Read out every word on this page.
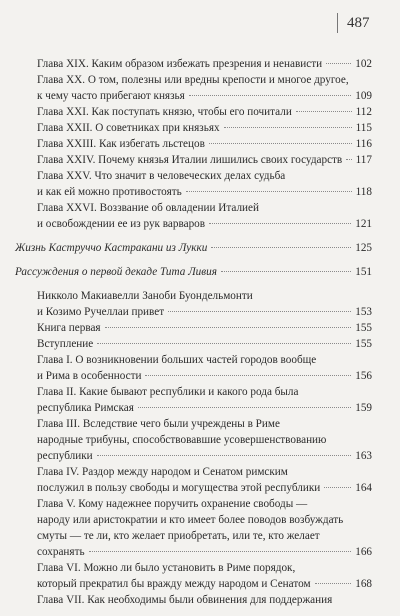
487
Глава XIX. Каким образом избежать презрения и ненависти	102
Глава XX. О том, полезны или вредны крепости и многое другое,
к чему часто прибегают князья	109
Глава XXI. Как поступать князю, чтобы его почитали	112
Глава XXII. О советниках при князьях	115
Глава XXIII. Как избегать льстецов	116
Глава XXIV. Почему князья Италии лишились своих государств 117
Глава XXV. Что значит в человеческих делах судьба
и как ей можно противостоять	118
Глава XXVI. Воззвание об овладении Италией
и освобождении ее из рук варваров	121
Жизнь Каструччо Кастракани из Лукки	125
Рассуждения о первой декаде Тита Ливия	151
Никколо Макиавелли Заноби Буондельмонти
и Козимо Ручеллаи привет	153
Книга первая	155
Вступление	155
Глава I. О возникновении больших частей городов вообще
и Рима в особенности	156
Глава II. Какие бывают республики и какого рода была
республика Римская	159
Глава III. Вследствие чего были учреждены в Риме
народные трибуны, способствовавшие усовершенствованию
республики	163
Глава IV. Раздор между народом и Сенатом римским
послужил в пользу свободы и могущества этой республики	164
Глава V. Кому надежнее поручить охранение свободы —
народу или аристократии и кто имеет более поводов возбуждать
смуты — те ли, кто желает приобретать, или те, кто желает
сохранять	166
Глава VI. Можно ли было установить в Риме порядок,
который прекратил бы вражду между народом и Сенатом	168
Глава VII. Как необходимы были обвинения для поддержания
